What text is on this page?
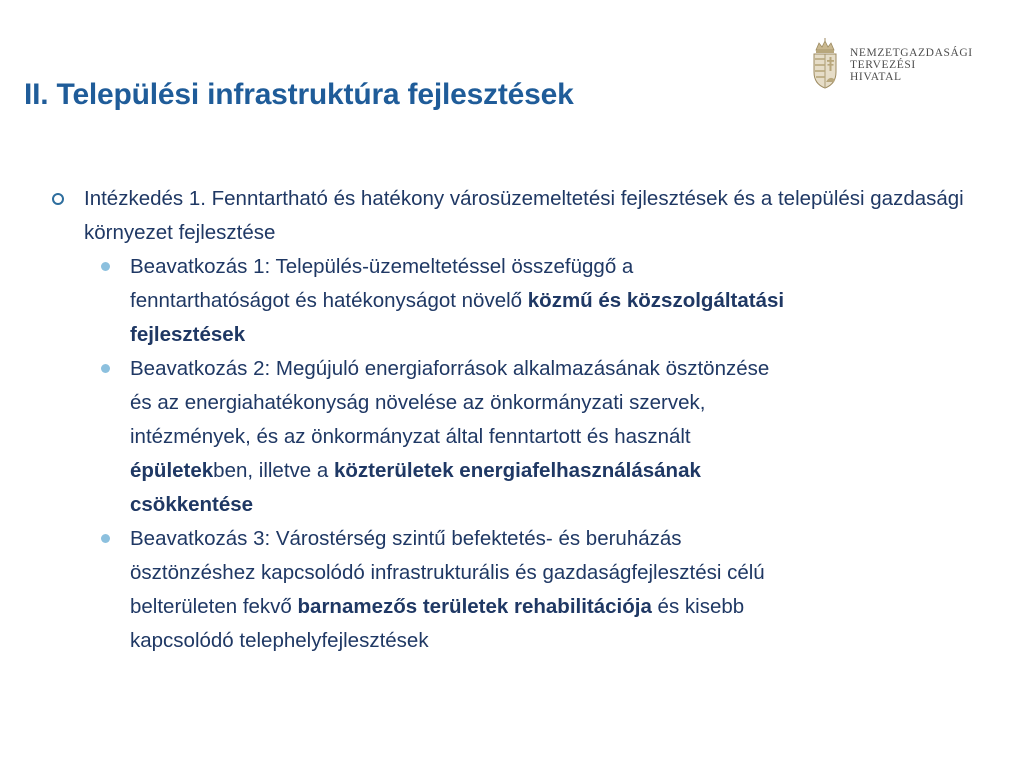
II. Települési infrastruktúra fejlesztések
NEMZETGAZDASÁGI
TERVEZÉSI
HIVATAL
Intézkedés 1. Fenntartható és hatékony városüzemeltetési fejlesztések és a települési gazdasági környezet fejlesztése
Beavatkozás 1: Település-üzemeltetéssel összefüggő a
fenntarthatóságot és hatékonyságot növelő közmű és közszolgáltatási
fejlesztések
Beavatkozás 2: Megújuló energiaforrások alkalmazásának ösztönzése
és az energiahatékonyság növelése az önkormányzati szervek,
intézmények, és az önkormányzat által fenntartott és használt
épületekben, illetve a közterületek energiafelhasználásának
csökkentése
Beavatkozás 3: Várostérség szintű befektetés- és beruházás
ösztönzéshez kapcsolódó infrastrukturális és gazdaságfejlesztési célú
belterületen fekvő barnamezős területek rehabilitációja és kisebb
kapcsolódó telephelyfejlesztések
